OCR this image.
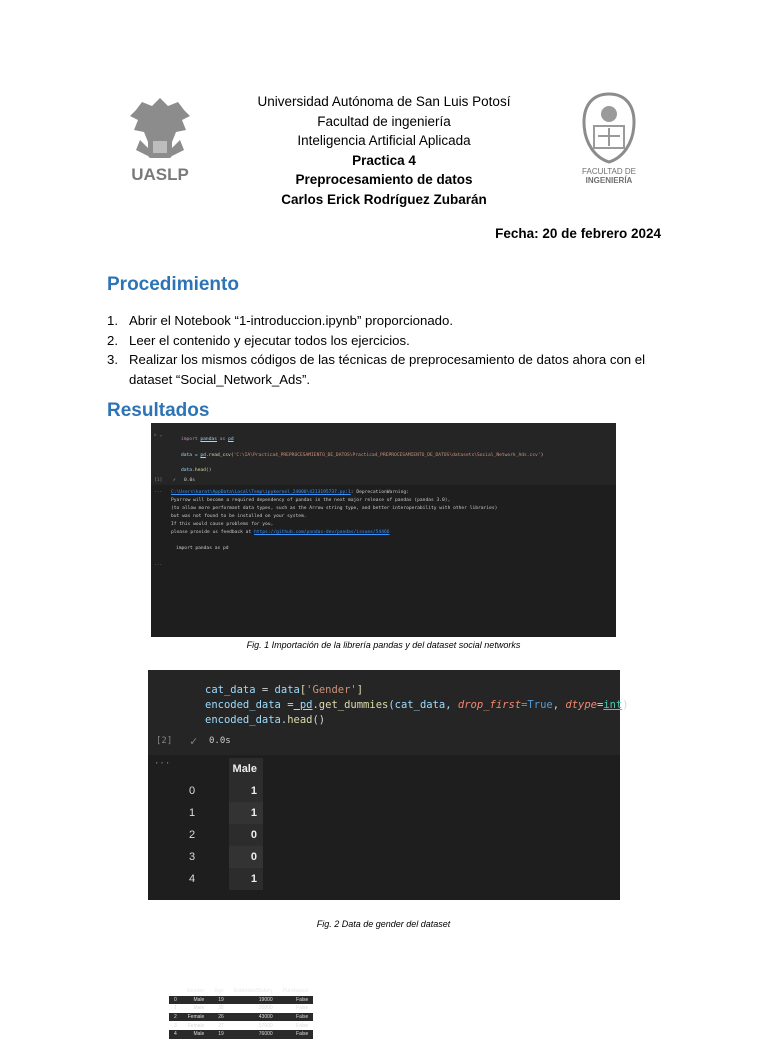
UASLP
Universidad Autónoma de San Luis Potosí
Facultad de ingeniería
Inteligencia Artificial Aplicada
Practica 4
Preprocesamiento de datos
Carlos Erick Rodríguez Zubarán
FACULTAD DE
INGENIERÍA
Fecha: 20 de febrero 2024
Procedimiento
1. Abrir el Notebook “1-introduccion.ipynb” proporcionado.
2. Leer el contenido y ejecutar todos los ejercicios.
3. Realizar los mismos códigos de las técnicas de preprocesamiento de datos ahora con el dataset “Social_Network_Ads”.
Resultados
▷ ⌄
import pandas as pd
data = pd.read_csv('C:\IA\Practica4_PREPROCESAMIENTO_DE_DATOS\Practica4_PREPROCESAMIENTO_DE_DATOS\datasets\Social_Network_Ads.csv')
data.head()
[1] ✓ 0.0s
··· C:\Users\karat\AppData\Local\Temp\ipykernel_24000\4213195737.py:1: DeprecationWarning:
Pyarrow will become a required dependency of pandas in the next major release of pandas (pandas 3.0),
(to allow more performant data types, such as the Arrow string type, and better interoperability with other libraries)
but was not found to be installed on your system.
If this would cause problems for you,
please provide us feedback at https://github.com/pandas-dev/pandas/issues/54466
import pandas as pd
···
	Gender	Age	EstimatedSalary	Purchased
0	Male	19	19000	False
1	Male	35	20000	False
2	Female	26	43000	False
3	Female	27	57000	False
4	Male	19	76000	False
Fig. 1 Importación de la librería pandas y del dataset social networks
cat_data = data['Gender']
encoded_data = pd.get_dummies(cat_data, drop_first=True, dtype=int)
encoded_data.head()
[2] ✓ 0.0s
···
		Male
0	1
1	1
2	0
3	0
4	1
Fig. 2 Data de gender del dataset
